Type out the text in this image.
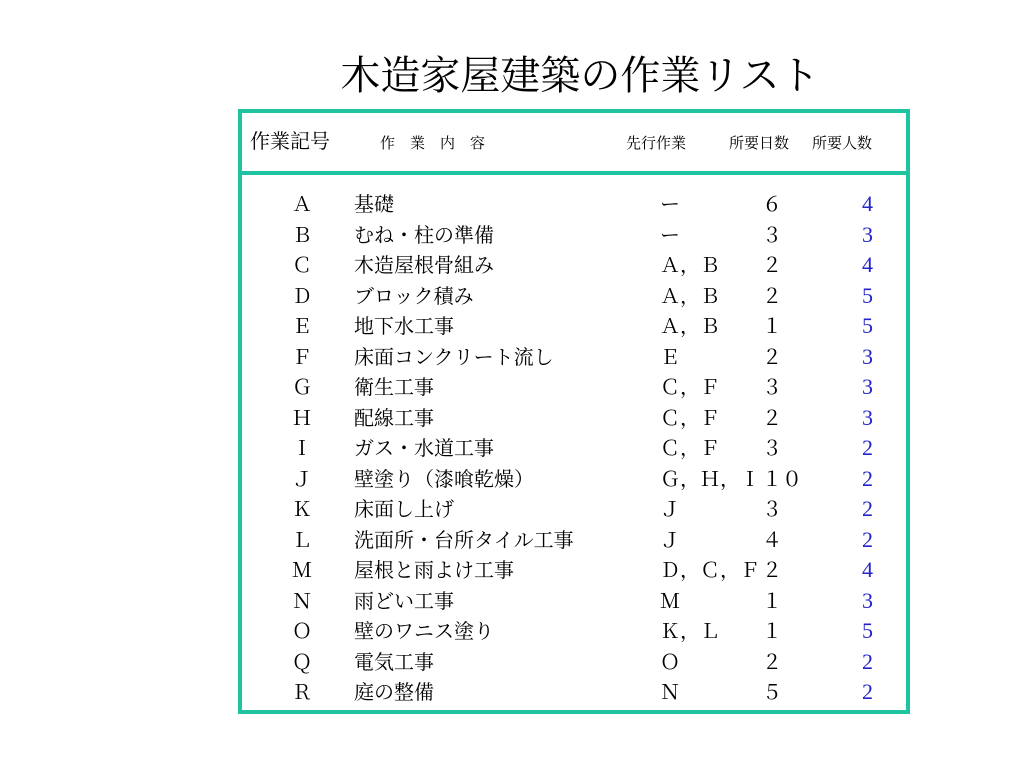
木造家屋建築の作業リスト
作業記号	作業内容	先行作業	所要日数 所要人数
Ａ 基礎	ー	６	4
Ｂ むね・柱の準備	ー	３	3
Ｃ 木造屋根骨組み	Ａ，Ｂ ２	4
Ｄ ブロック積み	Ａ，Ｂ ２	5
Ｅ 地下水工事	Ａ，Ｂ １	5
Ｆ 床面コンクリート流し	Ｅ	２	3
Ｇ 衛生工事	Ｃ，Ｆ ３	3
Ｈ 配線工事	Ｃ，Ｆ ２	3
Ｉ ガス・水道工事	Ｃ，Ｆ ３	2
Ｊ 壁塗り（漆喰乾燥）	Ｇ，Ｈ，Ｉ １０	2
Ｋ 床面し上げ	Ｊ	３	2
Ｌ 洗面所・台所タイル工事	Ｊ	４	2
Ｍ 屋根と雨よけ工事	Ｄ，Ｃ，Ｆ ２	4
Ｎ 雨どい工事	Ｍ	１	3
Ｏ 壁のワニス塗り	Ｋ，Ｌ １	5
Ｑ 電気工事	Ｏ	２	2
Ｒ 庭の整備	Ｎ	５	2
